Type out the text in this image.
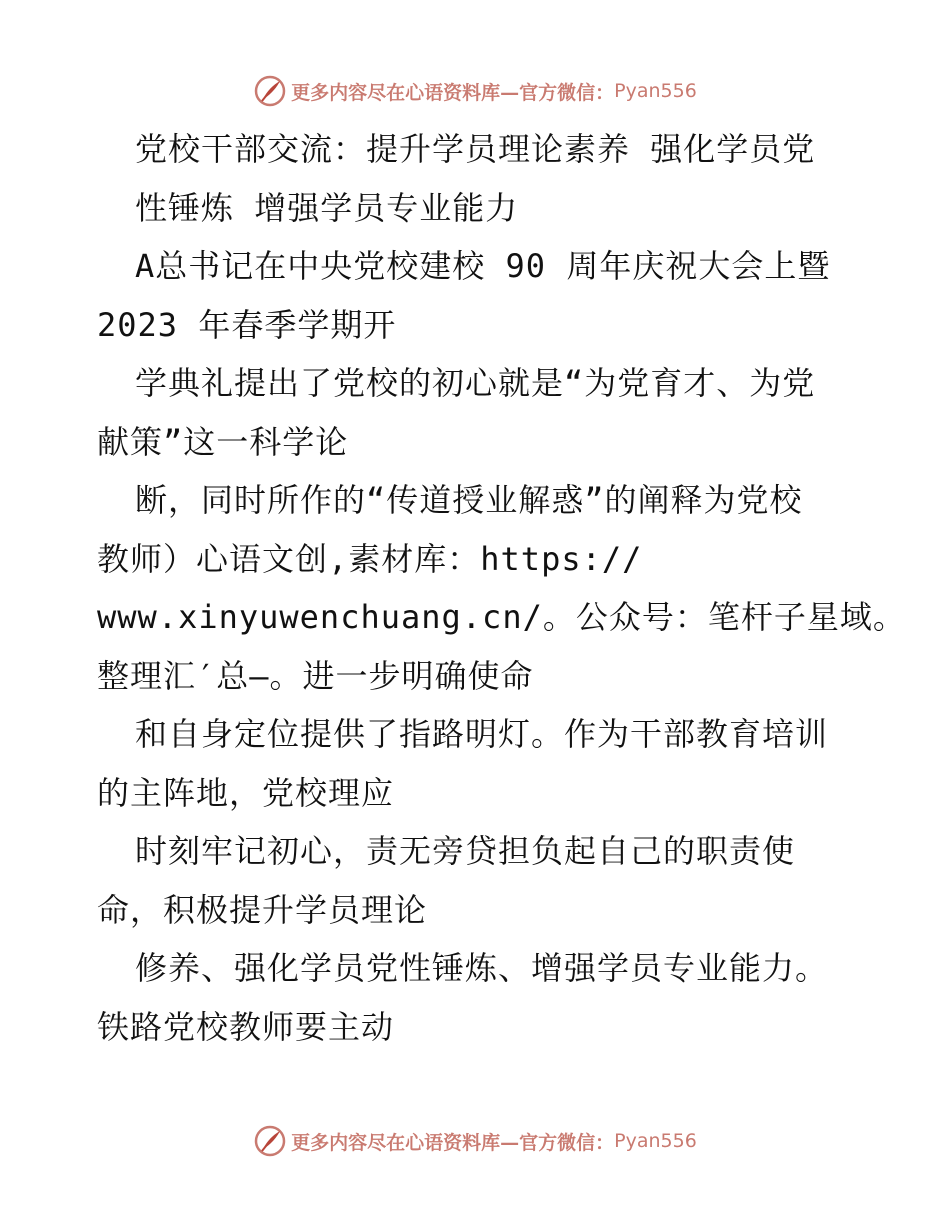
更多内容尽在心语资料库—官方微信： Pyan556
党校干部交流：提升学员理论素养 强化学员党
性锤炼 增强学员专业能力
A总书记在中央党校建校 90 周年庆祝大会上暨
2023 年春季学期开
学典礼提出了党校的初心就是“为党育才、为党
献策”这一科学论
断，同时所作的“传道授业解惑”的阐释为党校
教师）心语文创,素材库：https://
www.xinyuwenchuang.cn/。公众号：笔杆子星域。
整理汇′总—。进一步明确使命
和自身定位提供了指路明灯。作为干部教育培训
的主阵地，党校理应
时刻牢记初心，责无旁贷担负起自己的职责使
命，积极提升学员理论
修养、强化学员党性锤炼、增强学员专业能力。
铁路党校教师要主动
更多内容尽在心语资料库—官方微信： Pyan556
